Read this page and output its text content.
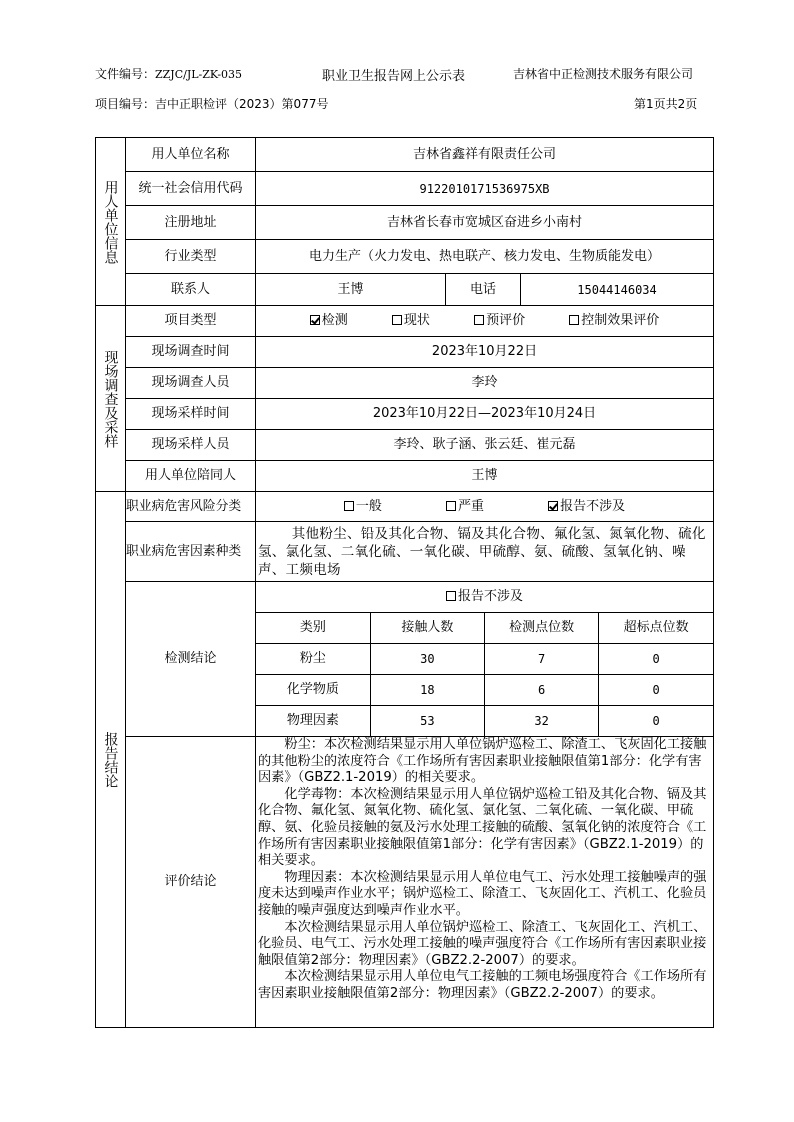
文件编号：ZZJC/JL-ZK-035	职业卫生报告网上公示表	吉林省中正检测技术服务有限公司
项目编号：吉中正职检评（2023）第077号	第1页共2页
用人单位信息
	用人单位名称	吉林省鑫祥有限责任公司
统一社会信用代码	9122010171536975XB
注册地址	吉林省长春市宽城区奋进乡小南村
行业类型	电力生产（火力发电、热电联产、核力发电、生物质能发电）
联系人	王博	电话	15044146034

现场调查及采样
	项目类型	检测	现状	预评价	控制效果评价
现场调查时间	2023年10月22日
现场调查人员	李玲
现场采样时间	2023年10月22日—2023年10月24日
现场采样人员	李玲、耿子涵、张云廷、崔元磊
用人单位陪同人	王博

报告结论
	职业病危害风险分类	一般	严重	报告不涉及
职业病危害因素种类	其他粉尘、铅及其化合物、镉及其化合物、氟化氢、氮氧化物、硫化氢、氯化氢、二氧化硫、一氧化碳、甲硫醇、氨、硫酸、氢氧化钠、噪声、工频电场
检测结论	
报告不涉及
类别	接触人数	检测点位数	超标点位数
粉尘	30	7	0
化学物质	18	6	0
物理因素	53	32	0

评价结论	

粉尘：本次检测结果显示用人单位锅炉巡检工、除渣工、飞灰固化工接触的其他粉尘的浓度符合《工作场所有害因素职业接触限值第1部分：化学有害因素》（GBZ2.1-2019）的相关要求。

化学毒物：本次检测结果显示用人单位锅炉巡检工铅及其化合物、镉及其化合物、氟化氢、氮氧化物、硫化氢、氯化氢、二氧化硫、一氧化碳、甲硫醇、氨、化验员接触的氨及污水处理工接触的硫酸、氢氧化钠的浓度符合《工作场所有害因素职业接触限值第1部分：化学有害因素》（GBZ2.1-2019）的相关要求。

物理因素：本次检测结果显示用人单位电气工、污水处理工接触噪声的强度未达到噪声作业水平；锅炉巡检工、除渣工、飞灰固化工、汽机工、化验员接触的噪声强度达到噪声作业水平。

本次检测结果显示用人单位锅炉巡检工、除渣工、飞灰固化工、汽机工、化验员、电气工、污水处理工接触的噪声强度符合《工作场所有害因素职业接触限值第2部分：物理因素》（GBZ2.2-2007）的要求。

本次检测结果显示用人单位电气工接触的工频电场强度符合《工作场所有害因素职业接触限值第2部分：物理因素》（GBZ2.2-2007）的要求。
